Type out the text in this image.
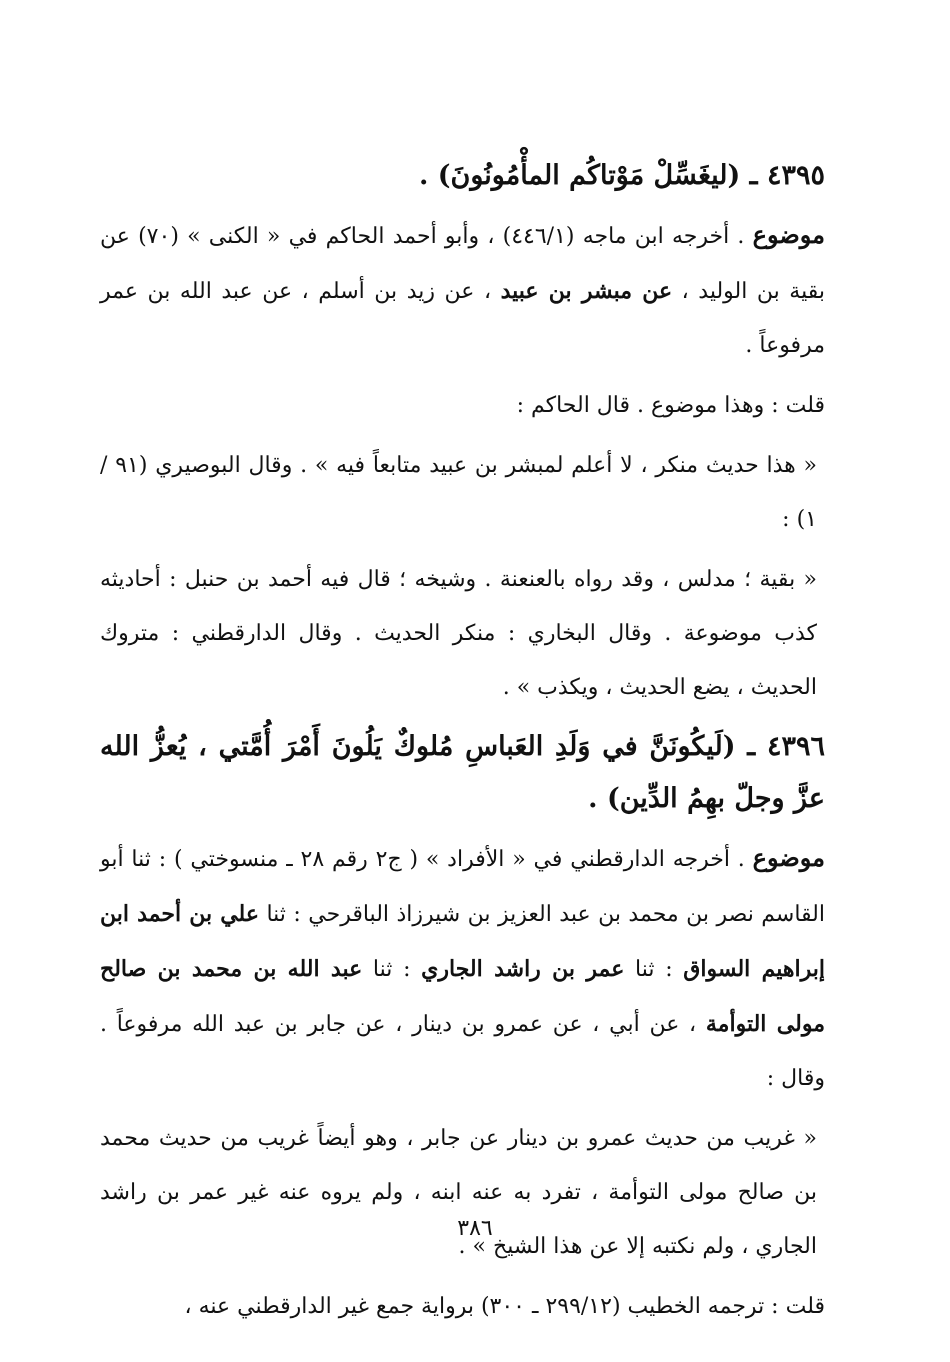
٤٣٩٥ ـ (ليغَسِّلْ مَوْتاكُم المأْمُونُونَ) .

موضوع . أخرجه ابن ماجه (٤٤٦/١) ، وأبو أحمد الحاكم في « الكنى » (٧٠) عن بقية بن الوليد ، عن مبشر بن عبيد ، عن زيد بن أسلم ، عن عبد الله بن عمر مرفوعاً .

قلت : وهذا موضوع . قال الحاكم :

« هذا حديث منكر ، لا أعلم لمبشر بن عبيد متابعاً فيه » . وقال البوصيري (٩١ / ١) :

« بقية ؛ مدلس ، وقد رواه بالعنعنة . وشيخه ؛ قال فيه أحمد بن حنبل : أحاديثه كذب موضوعة . وقال البخاري : منكر الحديث . وقال الدارقطني : متروك الحديث ، يضع الحديث ، ويكذب » .

٤٣٩٦ ـ (لَيكُونَنَّ في وَلَدِ العَباسِ مُلوكٌ يَلُونَ أَمْرَ أُمَّتي ، يُعزُّ الله عزَّ وجلّ بهِمُ الدِّين) .

موضوع . أخرجه الدارقطني في « الأفراد » ( ج٢ رقم ٢٨ ـ منسوختي ) : ثنا أبو القاسم نصر بن محمد بن عبد العزيز بن شيرزاذ الباقرحي : ثنا علي بن أحمد ابن إبراهيم السواق : ثنا عمر بن راشد الجاري : ثنا عبد الله بن محمد بن صالح مولى التوأمة ، عن أبي ، عن عمرو بن دينار ، عن جابر بن عبد الله مرفوعاً . وقال :

« غريب من حديث عمرو بن دينار عن جابر ، وهو أيضاً غريب من حديث محمد بن صالح مولى التوأمة ، تفرد به عنه ابنه ، ولم يروه عنه غير عمر بن راشد الجاري ، ولم نكتبه إلا عن هذا الشيخ » .

قلت : ترجمه الخطيب (٢٩٩/١٢ ـ ٣٠٠) برواية جمع غير الدارقطني عنه ،

٣٨٦
